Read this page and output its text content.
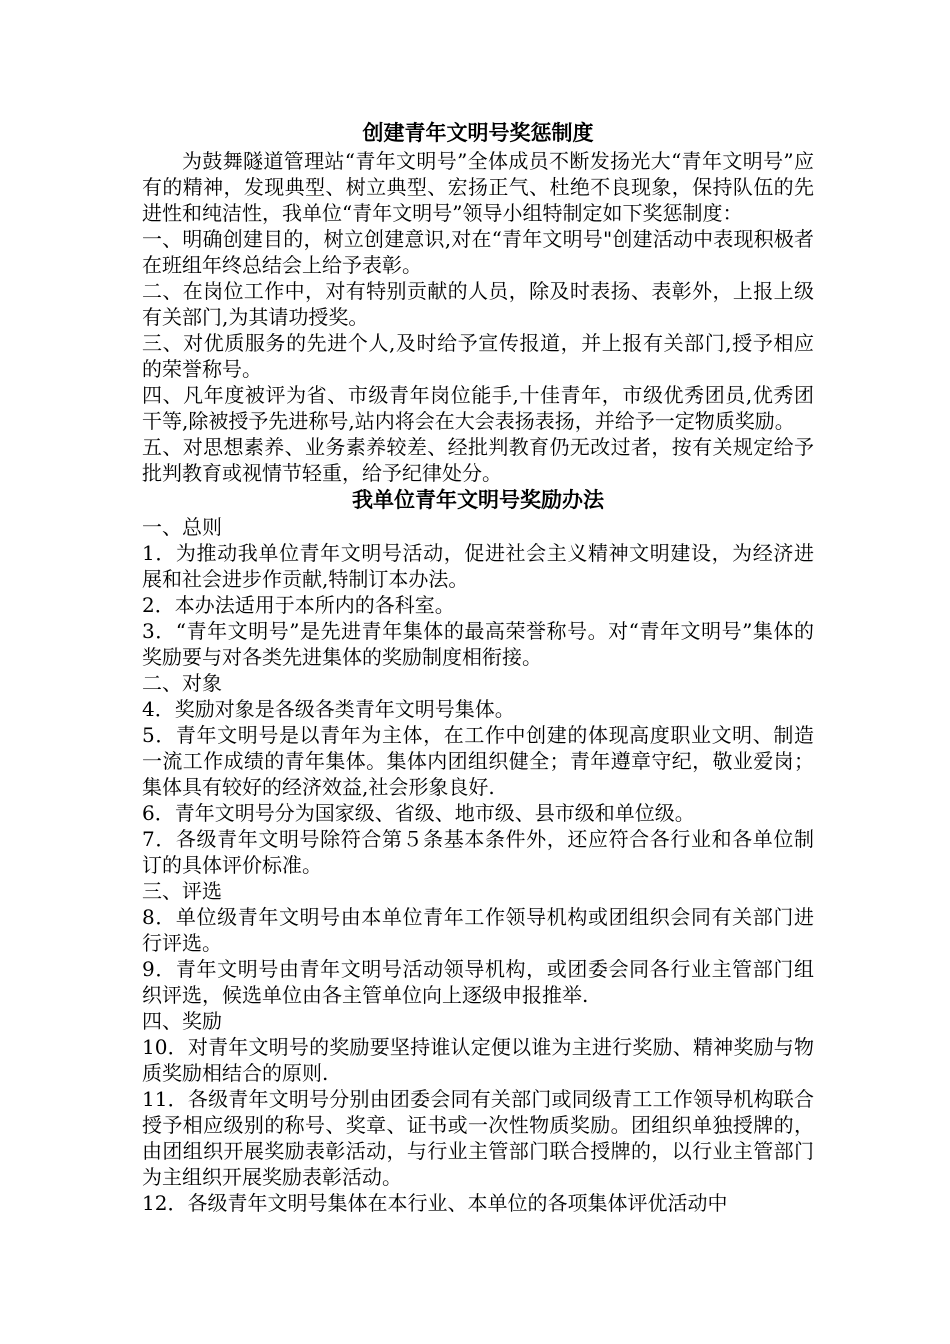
创建青年文明号奖惩制度

为鼓舞隧道管理站“青年文明号”全体成员不断发扬光大“青年文明号”应有的精神，发现典型、树立典型、宏扬正气、杜绝不良现象，保持队伍的先进性和纯洁性，我单位“青年文明号”领导小组特制定如下奖惩制度：

一、明确创建目的，树立创建意识,对在“青年文明号"创建活动中表现积极者在班组年终总结会上给予表彰。

二、在岗位工作中，对有特别贡献的人员，除及时表扬、表彰外，上报上级有关部门,为其请功授奖。

三、对优质服务的先进个人,及时给予宣传报道，并上报有关部门,授予相应的荣誉称号。

四、凡年度被评为省、市级青年岗位能手,十佳青年，市级优秀团员,优秀团干等,除被授予先进称号,站内将会在大会表扬表扬，并给予一定物质奖励。

五、对思想素养、业务素养较差、经批判教育仍无改过者，按有关规定给予批判教育或视情节轻重，给予纪律处分。

我单位青年文明号奖励办法

一、总则

1．为推动我单位青年文明号活动，促进社会主义精神文明建设，为经济进展和社会进步作贡献,特制订本办法。

2．本办法适用于本所内的各科室。

3．“青年文明号”是先进青年集体的最高荣誉称号。对“青年文明号”集体的奖励要与对各类先进集体的奖励制度相衔接。

二、对象

4．奖励对象是各级各类青年文明号集体。

5．青年文明号是以青年为主体，在工作中创建的体现高度职业文明、制造一流工作成绩的青年集体。集体内团组织健全；青年遵章守纪，敬业爱岗；集体具有较好的经济效益,社会形象良好.

6．青年文明号分为国家级、省级、地市级、县市级和单位级。

7．各级青年文明号除符合第５条基本条件外，还应符合各行业和各单位制订的具体评价标准。

三、评选

8．单位级青年文明号由本单位青年工作领导机构或团组织会同有关部门进行评选。

9．青年文明号由青年文明号活动领导机构，或团委会同各行业主管部门组织评选，候选单位由各主管单位向上逐级申报推举.

四、奖励

10．对青年文明号的奖励要坚持谁认定便以谁为主进行奖励、精神奖励与物质奖励相结合的原则.

11．各级青年文明号分别由团委会同有关部门或同级青工工作领导机构联合授予相应级别的称号、奖章、证书或一次性物质奖励。团组织单独授牌的，由团组织开展奖励表彰活动，与行业主管部门联合授牌的，以行业主管部门为主组织开展奖励表彰活动。

12．各级青年文明号集体在本行业、本单位的各项集体评优活动中
